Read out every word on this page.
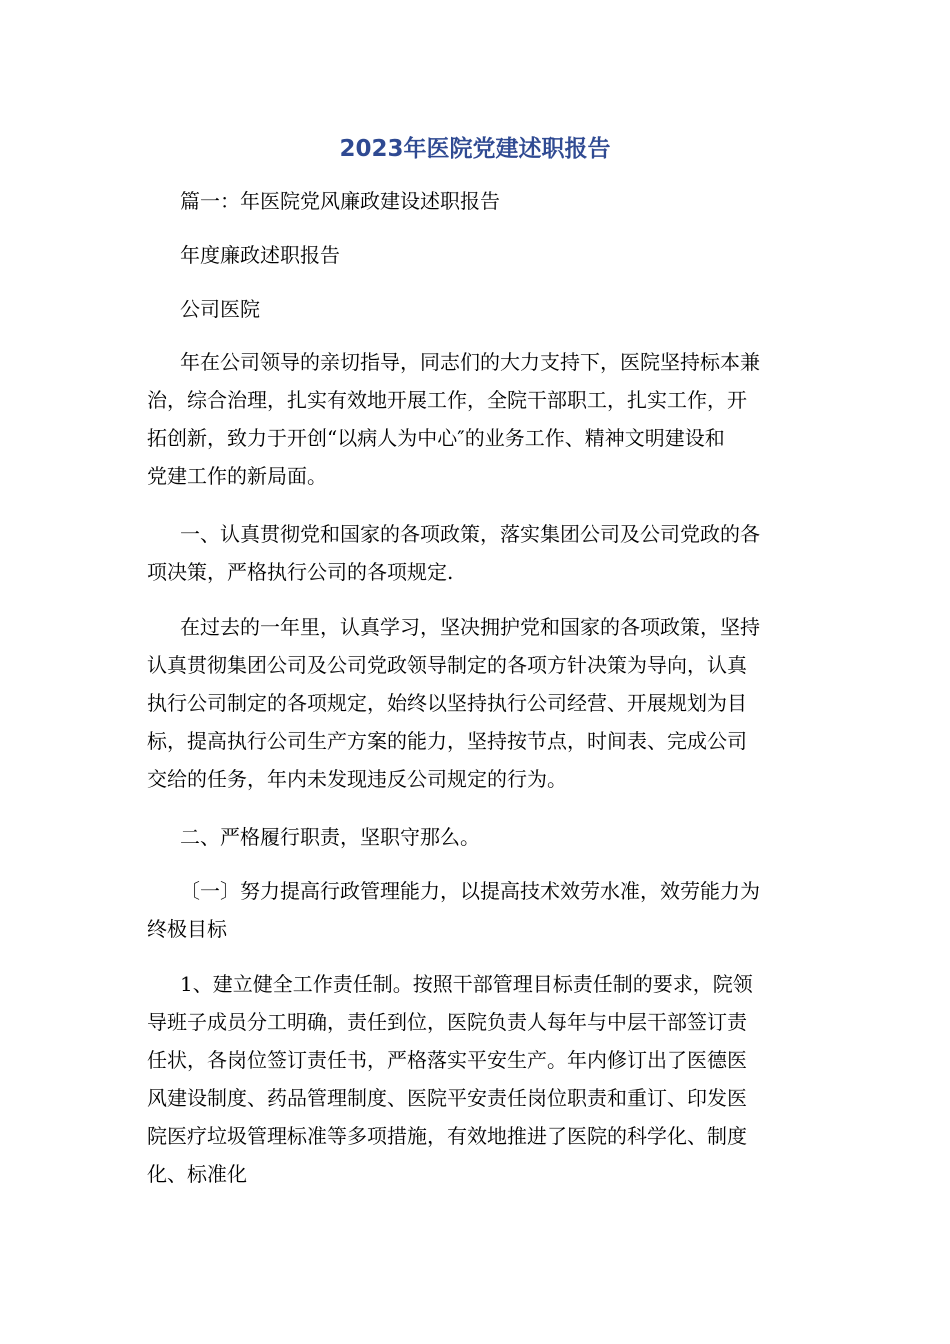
2023年医院党建述职报告

篇一：年医院党风廉政建设述职报告

年度廉政述职报告

公司医院

年在公司领导的亲切指导，同志们的大力支持下，医院坚持标本兼
治，综合治理，扎实有效地开展工作，全院干部职工，扎实工作，开
拓创新，致力于开创“以病人为中心″的业务工作、精神文明建设和
党建工作的新局面。

一、认真贯彻党和国家的各项政策，落实集团公司及公司党政的各
项决策，严格执行公司的各项规定.

在过去的一年里，认真学习，坚决拥护党和国家的各项政策，坚持
认真贯彻集团公司及公司党政领导制定的各项方针决策为导向，认真
执行公司制定的各项规定，始终以坚持执行公司经营、开展规划为目
标，提高执行公司生产方案的能力，坚持按节点，时间表、完成公司
交给的任务，年内未发现违反公司规定的行为。

二、严格履行职责，坚职守那么。

〔一〕努力提高行政管理能力，以提高技术效劳水准，效劳能力为
终极目标

1、建立健全工作责任制。按照干部管理目标责任制的要求，院领
导班子成员分工明确，责任到位，医院负责人每年与中层干部签订责
任状，各岗位签订责任书，严格落实平安生产。年内修订出了医德医
风建设制度、药品管理制度、医院平安责任岗位职责和重订、印发医
院医疗垃圾管理标准等多项措施，有效地推进了医院的科学化、制度
化、标准化
